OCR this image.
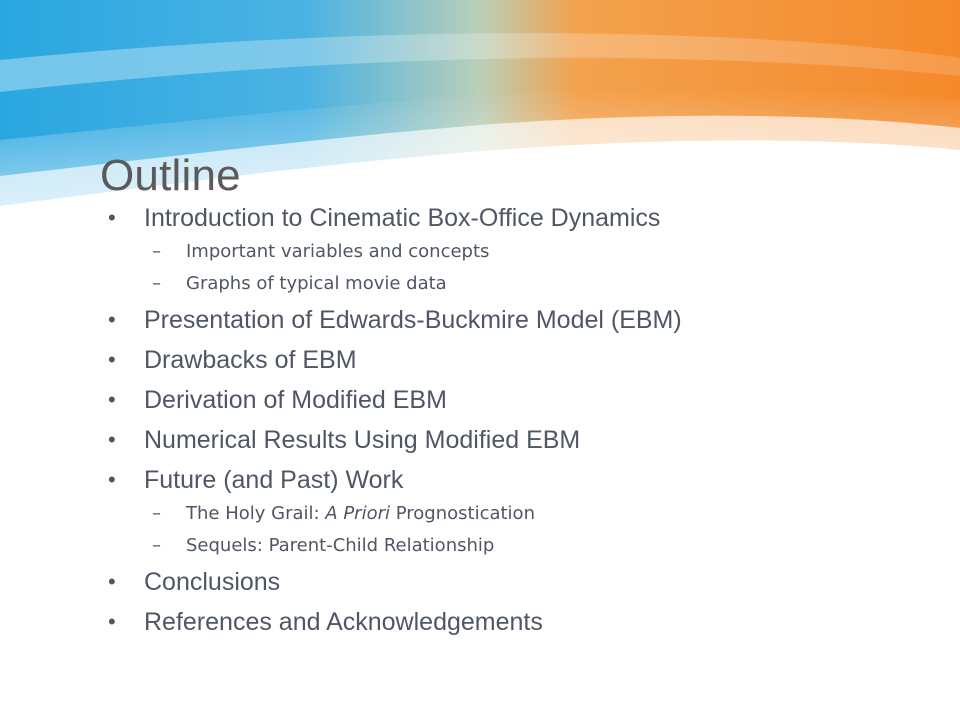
Outline
• Introduction to Cinematic Box-Office Dynamics
– Important variables and concepts
– Graphs of typical movie data
• Presentation of Edwards-Buckmire Model (EBM)
• Drawbacks of EBM
• Derivation of Modified EBM
• Numerical Results Using Modified EBM
• Future (and Past) Work
– The Holy Grail: A Priori Prognostication
– Sequels: Parent-Child Relationship
• Conclusions
• References and Acknowledgements
